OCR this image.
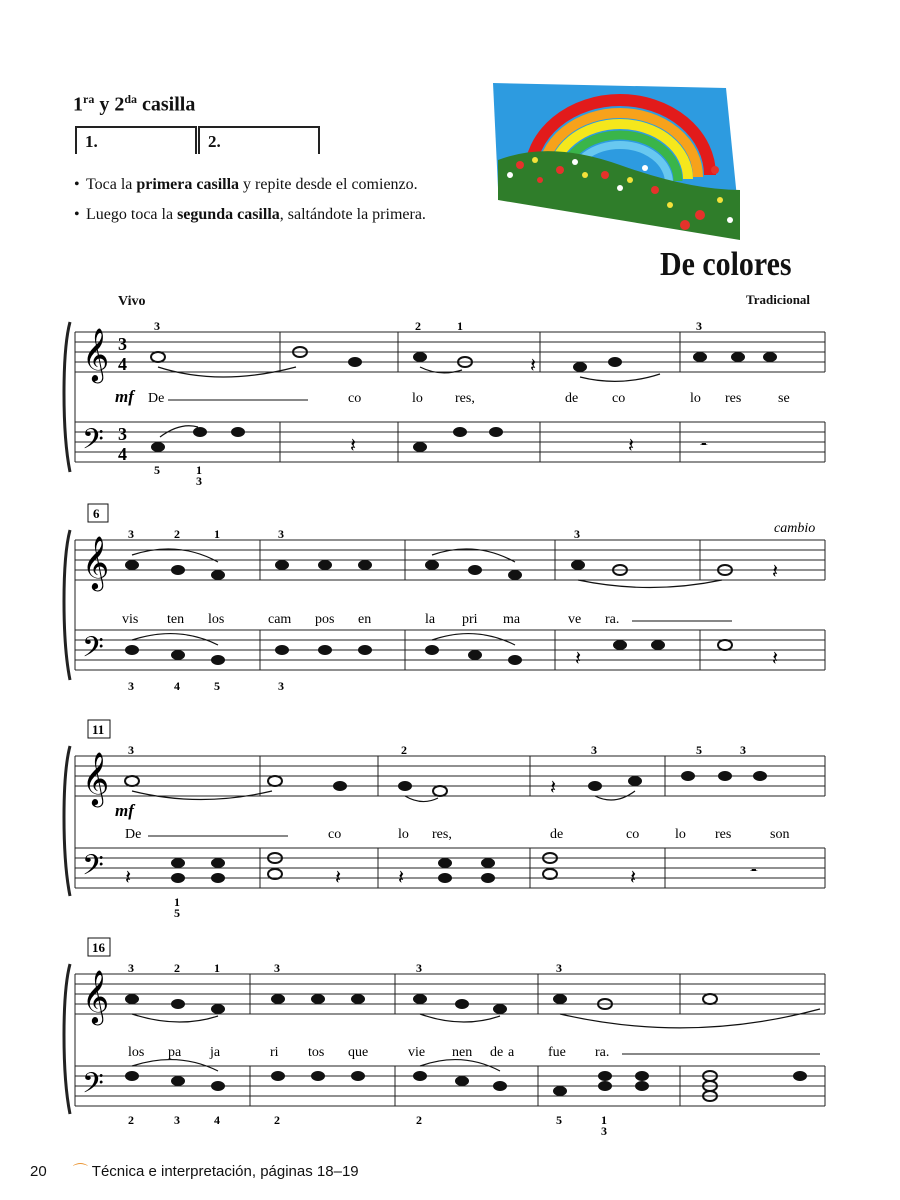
$1^{ra}$ y $2^{da}$ casilla
1.	2.
• Toca la primera casilla y repite desde el comienzo.
• Luego toca la segunda casilla, saltándote la primera.
De colores
Vivo	Tradicional
𝄞
𝄢
3
4
3
4
𝄽
𝄼
𝄽	𝄽
3	2	1	3
5	1
3
mf De	co	lo res,	de co	lo res	se
6
cambio
𝄞
𝄢
𝄽
𝄽	𝄽
3	2	1	3	3
3	4	5	3
vis ten los	cam pos en	la pri ma	ve ra.
11
𝄞
𝄢
𝄽
𝄽	𝄽	𝄽	𝄽	𝄼
3	2	3	5	3
1
5
mf
De	co	lo res,	de	co	lo res	son
16
𝄞
𝄢
3	2	1	3	3	3
2	3	4	2	2	5	1
3
los pa ja	ri tos que	vie nen de a fue ra.
20 ⌒ Técnica e interpretación, páginas 18–19
